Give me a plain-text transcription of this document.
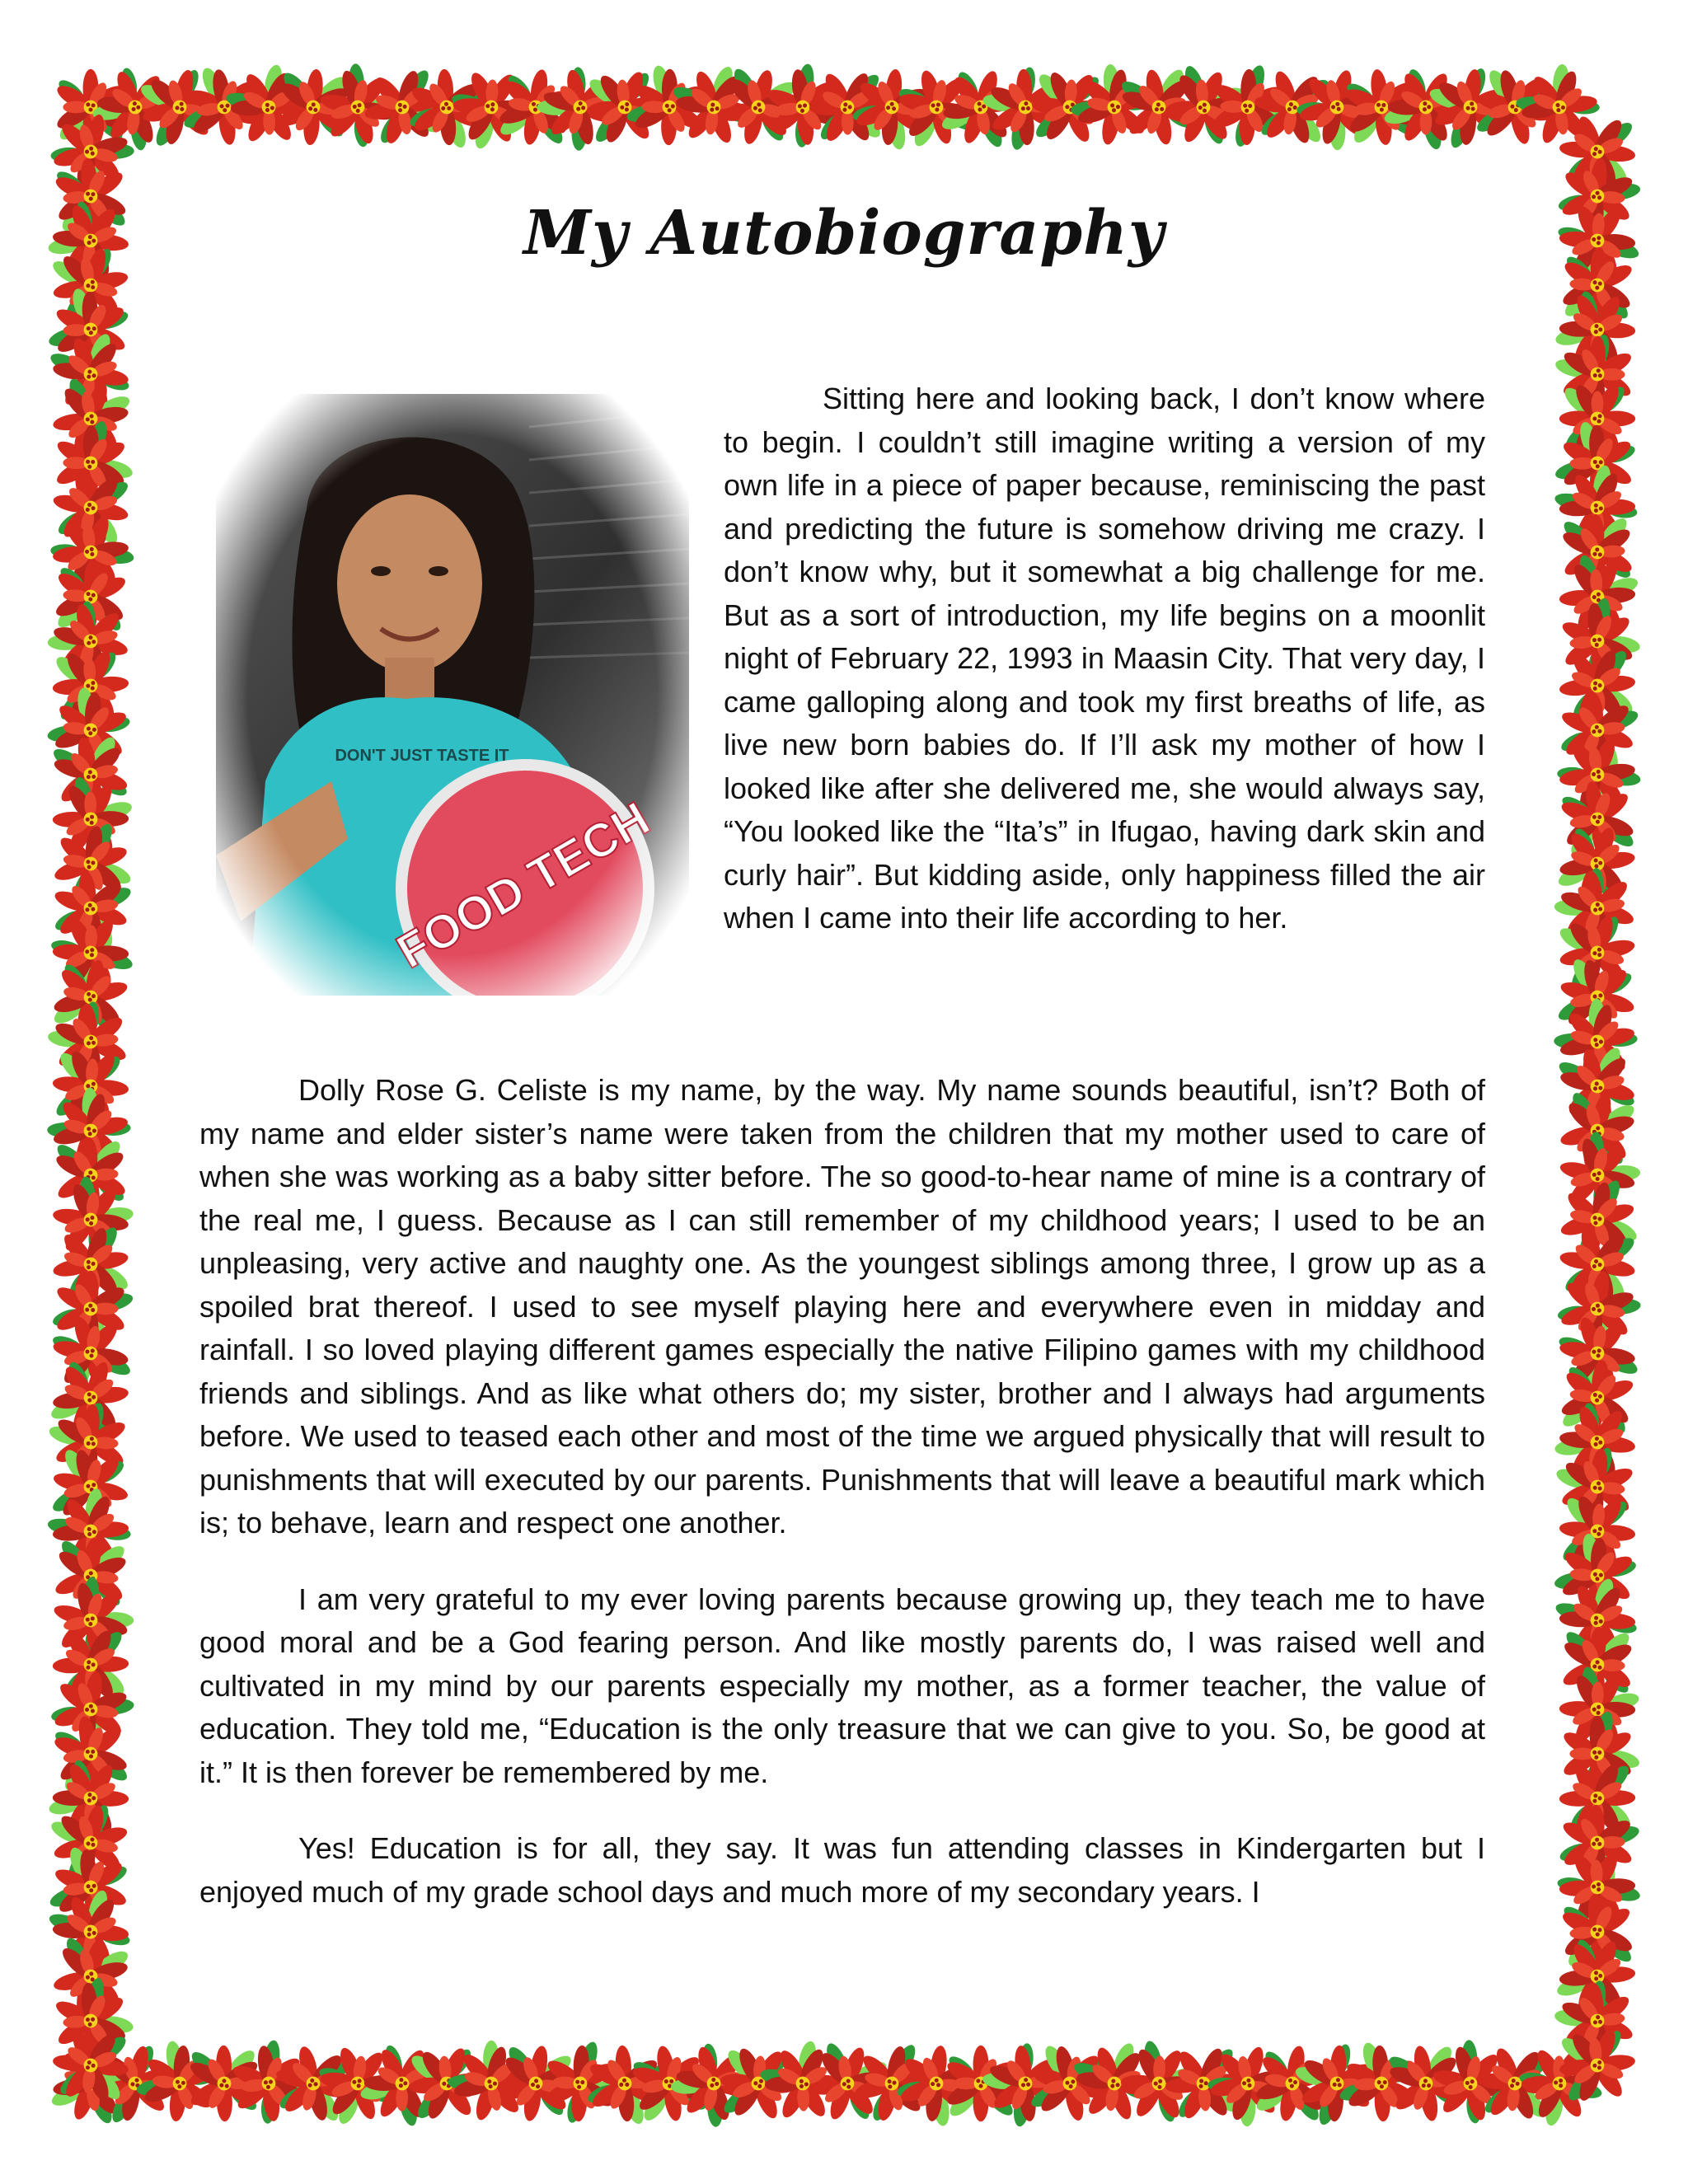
My Autobiography

Sitting here and looking back, I don’t know where to begin. I couldn’t still imagine writing a version of my own life in a piece of paper because, reminiscing the past and predicting the future is somehow driving me crazy. I don’t know why, but it somewhat a big challenge for me. But as a sort of introduction, my life begins on a moonlit night of February 22, 1993 in Maasin City. That very day, I came galloping along and took my first breaths of life, as live new born babies do. If I’ll ask my mother of how I looked like after she delivered me, she would always say, “You looked like the “Ita’s” in Ifugao, having dark skin and curly hair”. But kidding aside, only happiness filled the air when I came into their life according to her.

Dolly Rose G. Celiste is my name, by the way. My name sounds beautiful, isn’t? Both of my name and elder sister’s name were taken from the children that my mother used to care of when she was working as a baby sitter before. The so good-to-hear name of mine is a contrary of the real me, I guess. Because as I can still remember of my childhood years; I used to be an unpleasing, very active and naughty one. As the youngest siblings among three, I grow up as a spoiled brat thereof. I used to see myself playing here and everywhere even in midday and rainfall. I so loved playing different games especially the native Filipino games with my childhood friends and siblings. And as like what others do; my sister, brother and I always had arguments before. We used to teased each other and most of the time we argued physically that will result to punishments that will executed by our parents. Punishments that will leave a beautiful mark which is; to behave, learn and respect one another.

I am very grateful to my ever loving parents because growing up, they teach me to have good moral and be a God fearing person. And like mostly parents do, I was raised well and cultivated in my mind by our parents especially my mother, as a former teacher, the value of education. They told me, “Education is the only treasure that we can give to you. So, be good at it.” It is then forever be remembered by me.

Yes! Education is for all, they say. It was fun attending classes in Kindergarten but I enjoyed much of my grade school days and much more of my secondary years. I
